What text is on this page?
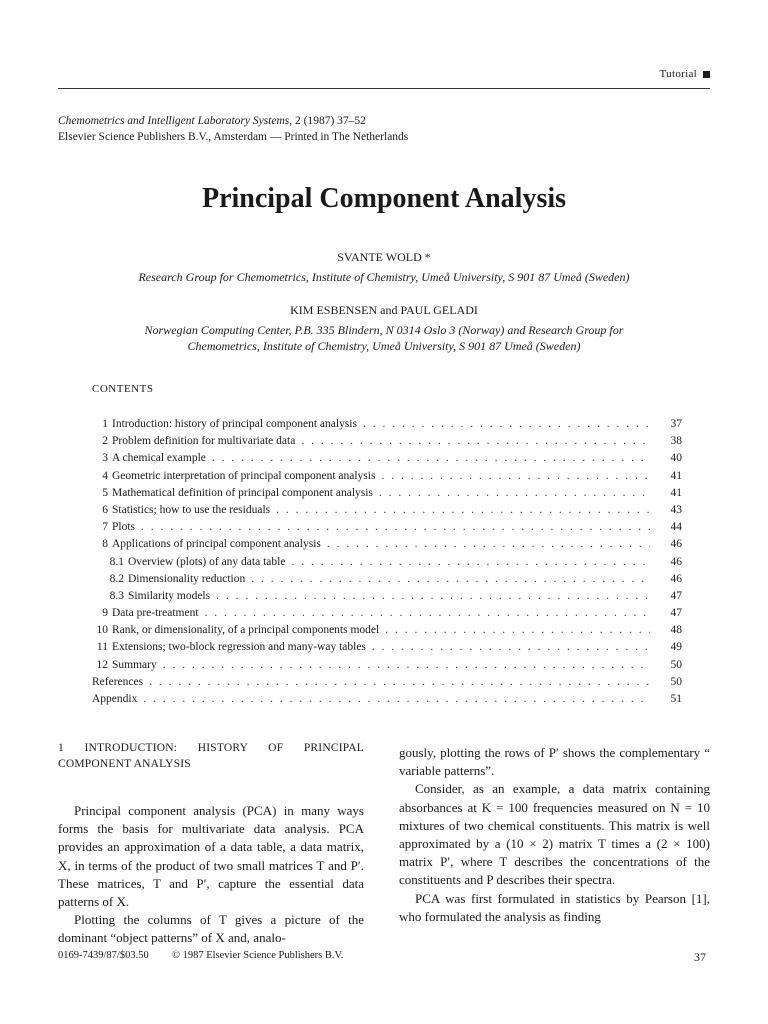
Tutorial
Chemometrics and Intelligent Laboratory Systems, 2 (1987) 37–52
Elsevier Science Publishers B.V., Amsterdam — Printed in The Netherlands
Principal Component Analysis
SVANTE WOLD *
Research Group for Chemometrics, Institute of Chemistry, Umeå University, S 901 87 Umeå (Sweden)
KIM ESBENSEN and PAUL GELADI
Norwegian Computing Center, P.B. 335 Blindern, N 0314 Oslo 3 (Norway) and Research Group for
Chemometrics, Institute of Chemistry, Umeå University, S 901 87 Umeå (Sweden)
CONTENTS
1 Introduction: history of principal component analysis . . .	37
2 Problem definition for multivariate data . . .	38
3 A chemical example . . .	40
4 Geometric interpretation of principal component analysis . . .	41
5 Mathematical definition of principal component analysis . . .	41
6 Statistics; how to use the residuals . . .	43
7 Plots . . .	44
8 Applications of principal component analysis . . .	46
8.1 Overview (plots) of any data table . . .	46
8.2 Dimensionality reduction . . .	46
8.3 Similarity models . . .	47
9 Data pre-treatment . . .	47
10 Rank, or dimensionality, of a principal components model . . .	48
11 Extensions; two-block regression and many-way tables . . .	49
12 Summary . . .	50
References . . .	50
Appendix . . .	51
1 INTRODUCTION: HISTORY OF PRINCIPAL COMPONENT ANALYSIS

Principal component analysis (PCA) in many ways forms the basis for multivariate data analysis. PCA provides an approximation of a data table, a data matrix, X, in terms of the product of two small matrices T and P′. These matrices, T and P′, capture the essential data patterns of X.

Plotting the columns of T gives a picture of the dominant “object patterns” of X and, analo-

gously, plotting the rows of P′ shows the complementary “ variable patterns”.

Consider, as an example, a data matrix containing absorbances at K = 100 frequencies measured on N = 10 mixtures of two chemical constituents. This matrix is well approximated by a (10 × 2) matrix T times a (2 × 100) matrix P′, where T describes the concentrations of the constituents and P describes their spectra.

PCA was first formulated in statistics by Pearson [1], who formulated the analysis as finding

0169-7439/87/$03.50 © 1987 Elsevier Science Publishers B.V.	37
